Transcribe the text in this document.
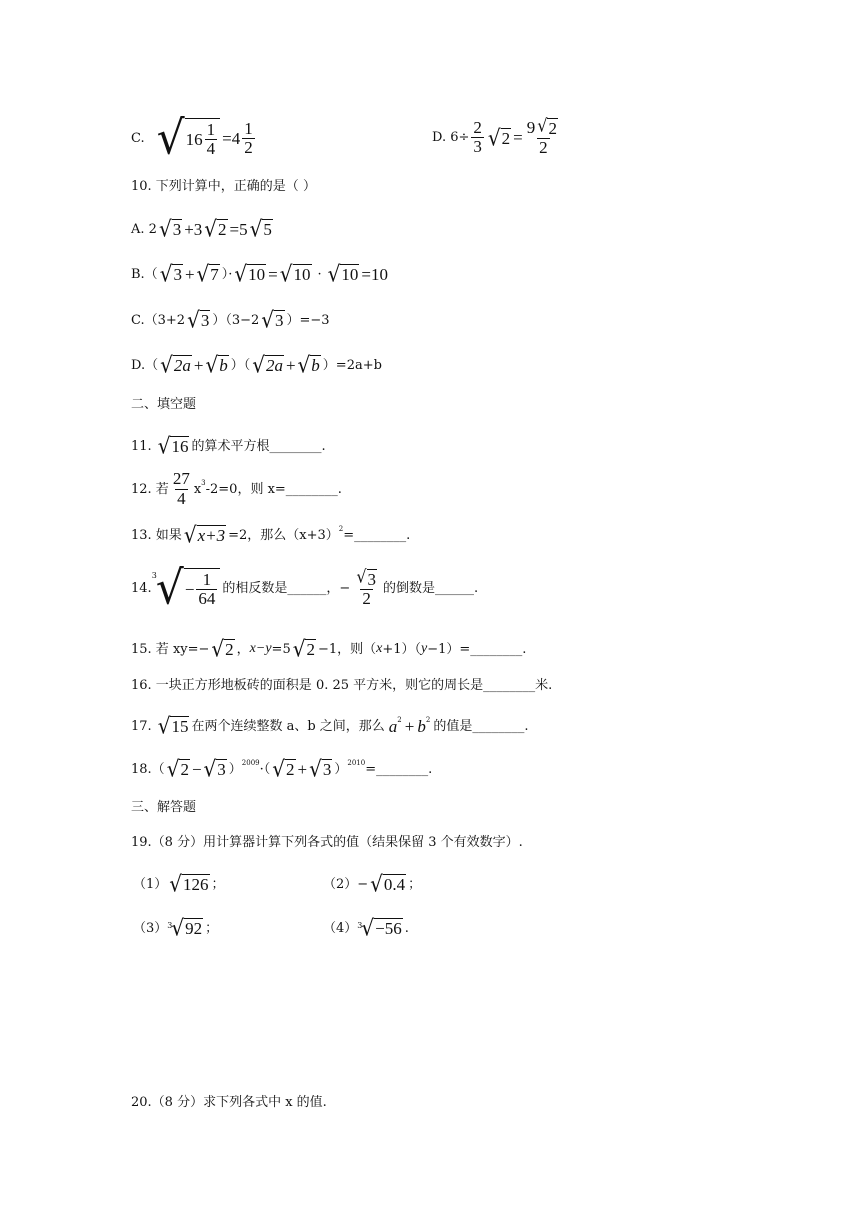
C. √ $16 \frac{1}{4} =4 \frac{1}{2}$	D. $6\div \frac{2}{3}$ √ $2 = \frac{9 √ 2}{2}$
10. 下列计算中，正确的是（ ）
A. 2 √ 3 +3 √ 2 =5 √ 5
B.（ √ 3 + √ 7 ）· √ 10 = √ 10 · √ 10 =10
C.（3+2 √ 3 ）（3−2 √ 3 ）=−3
D.（ √ 2a + √ b ）（ √ 2a + √ b ）=2a+b
二、填空题
11. √ 16 的算术平方根________.
12. 若 $\frac{27}{4}$ x 3 -2=0，则 x=________.
13. 如果 √ x+3 =2，那么（x+3） 2 =________.
14.
3 √ − $\frac{1}{64}$ 的相反数是______，− $\frac{√ 3}{2}$ 的倒数是______.
15. 若 xy=− √ 2 ， x−y =5 √ 2 −1，则（ x +1）（ y −1）=________.
16. 一块正方形地板砖的面积是 0. 25 平方米，则它的周长是________米.
17. √ 15 在两个连续整数 a、b 之间，那么 a 2 + b 2 的值是________.
18.（ √ 2 − √ 3 ） 2009 ·（ √ 2 + √ 3 ） 2010 =________.
三、解答题
19.（8 分）用计算器计算下列各式的值（结果保留 3 个有效数字）.
（1） √ 126 ；	（2）− √ 0.4 ；
（3） 3 √ 92 ；	（4） 3 √ −56 .
20.（8 分）求下列各式中 x 的值.
